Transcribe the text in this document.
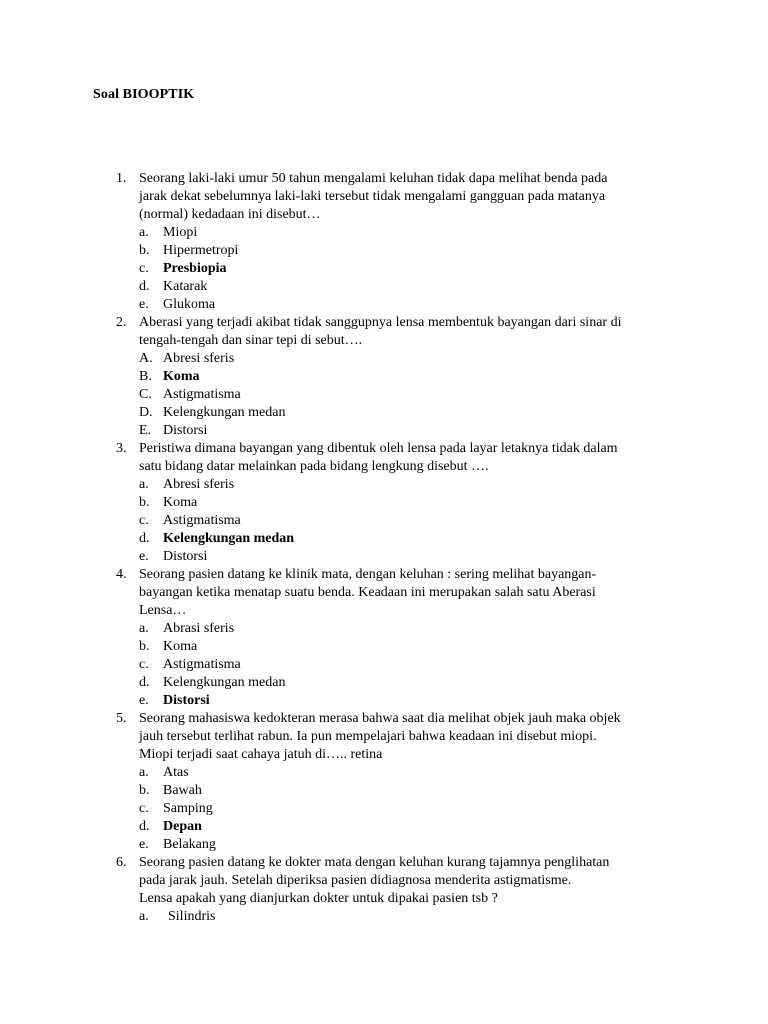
Soal BIOOPTIK
1. Seorang laki-laki umur 50 tahun mengalami keluhan tidak dapa melihat benda pada
jarak dekat sebelumnya laki-laki tersebut tidak mengalami gangguan pada matanya
(normal) kedadaan ini disebut…
a. Miopi
b. Hipermetropi
c. Presbiopia
d. Katarak
e. Glukoma
2. Aberasi yang terjadi akibat tidak sanggupnya lensa membentuk bayangan dari sinar di
tengah-tengah dan sinar tepi di sebut….
A. Abresi sferis
B. Koma
C. Astigmatisma
D. Kelengkungan medan
E. Distorsi
3. Peristiwa dimana bayangan yang dibentuk oleh lensa pada layar letaknya tidak dalam
satu bidang datar melainkan pada bidang lengkung disebut ….
a. Abresi sferis
b. Koma
c. Astigmatisma
d. Kelengkungan medan
e. Distorsi
4. Seorang pasien datang ke klinik mata, dengan keluhan : sering melihat bayangan-
bayangan ketika menatap suatu benda. Keadaan ini merupakan salah satu Aberasi
Lensa…
a. Abrasi sferis
b. Koma
c. Astigmatisma
d. Kelengkungan medan
e. Distorsi
5. Seorang mahasiswa kedokteran merasa bahwa saat dia melihat objek jauh maka objek
jauh tersebut terlihat rabun. Ia pun mempelajari bahwa keadaan ini disebut miopi.
Miopi terjadi saat cahaya jatuh di….. retina
a. Atas
b. Bawah
c. Samping
d. Depan
e. Belakang
6. Seorang pasien datang ke dokter mata dengan keluhan kurang tajamnya penglihatan
pada jarak jauh. Setelah diperiksa pasien didiagnosa menderita astigmatisme.
Lensa apakah yang dianjurkan dokter untuk dipakai pasien tsb ?
a. Silindris
